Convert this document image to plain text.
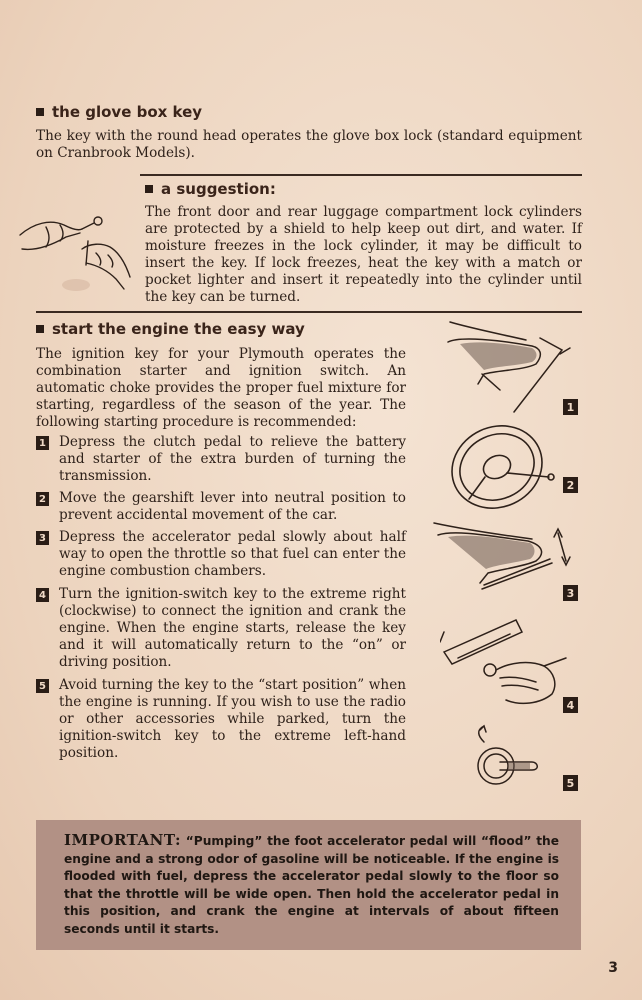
the glove box key
The key with the round head operates the glove box lock (standard equipment on Cranbrook Models).
a suggestion:
The front door and rear luggage compartment lock cylinders are protected by a shield to help keep out dirt, and water. If moisture freezes in the lock cylinder, it may be difficult to insert the key. If lock freezes, heat the key with a match or pocket lighter and insert it repeatedly into the cylinder until the key can be turned.
start the engine the easy way
The ignition key for your Plymouth operates the combination starter and ignition switch. An automatic choke provides the proper fuel mixture for starting, regardless of the season of the year. The following starting procedure is recommended:
1 Depress the clutch pedal to relieve the battery and starter of the extra burden of turning the transmission.
2 Move the gearshift lever into neutral position to prevent accidental movement of the car.
3 Depress the accelerator pedal slowly about half way to open the throttle so that fuel can enter the engine combustion chambers.
4 Turn the ignition-switch key to the extreme right (clockwise) to connect the ignition and crank the engine. When the engine starts, release the key and it will automatically return to the “on” or driving position.
5 Avoid turning the key to the “start position” when the engine is running. If you wish to use the radio or other accessories while parked, turn the ignition-switch key to the extreme left-hand position.
1
2
3
4
5
IMPORTANT: “Pumping” the foot accelerator pedal will “flood” the engine and a strong odor of gasoline will be noticeable. If the engine is flooded with fuel, depress the accelerator pedal slowly to the floor so that the throttle will be wide open. Then hold the accelerator pedal in this position, and crank the engine at intervals of about fifteen seconds until it starts.
3
